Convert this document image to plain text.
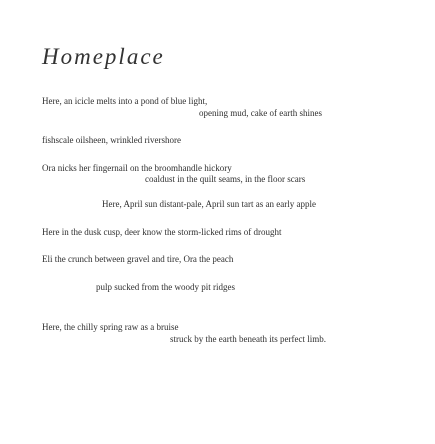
Homeplace
Here, an icicle melts into a pond of blue light,
opening mud, cake of earth shines
fishscale oilsheen, wrinkled rivershore
Ora nicks her fingernail on the broomhandle hickory
coaldust in the quilt seams, in the floor scars
Here, April sun distant-pale, April sun tart as an early apple
Here in the dusk cusp, deer know the storm-licked rims of drought
Eli the crunch between gravel and tire, Ora the peach
pulp sucked from the woody pit ridges
Here, the chilly spring raw as a bruise
struck by the earth beneath its perfect limb.
